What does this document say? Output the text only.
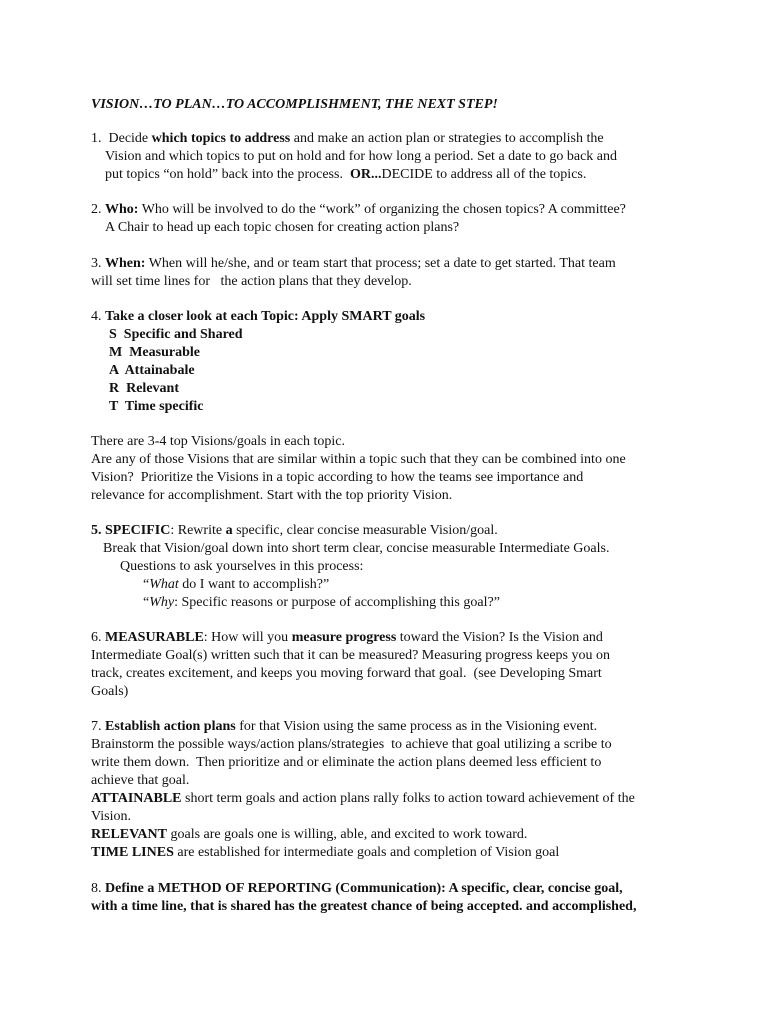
VISION…TO PLAN…TO ACCOMPLISHMENT, THE NEXT STEP!
1.  Decide which topics to address and make an action plan or strategies to accomplish the
Vision and which topics to put on hold and for how long a period. Set a date to go back and
put topics “on hold” back into the process.  OR...DECIDE to address all of the topics.
2. Who: Who will be involved to do the “work” of organizing the chosen topics? A committee?
A Chair to head up each topic chosen for creating action plans?
3. When: When will he/she, and or team start that process; set a date to get started. That team
will set time lines for   the action plans that they develop.
4. Take a closer look at each Topic: Apply SMART goals
S  Specific and Shared
M  Measurable
A  Attainabale
R  Relevant
T  Time specific
There are 3-4 top Visions/goals in each topic.
Are any of those Visions that are similar within a topic such that they can be combined into one
Vision?  Prioritize the Visions in a topic according to how the teams see importance and
relevance for accomplishment. Start with the top priority Vision.
5. SPECIFIC: Rewrite a specific, clear concise measurable Vision/goal.
Break that Vision/goal down into short term clear, concise measurable Intermediate Goals.
Questions to ask yourselves in this process:
“What do I want to accomplish?”
“Why: Specific reasons or purpose of accomplishing this goal?”
6. MEASURABLE: How will you measure progress toward the Vision? Is the Vision and
Intermediate Goal(s) written such that it can be measured? Measuring progress keeps you on
track, creates excitement, and keeps you moving forward that goal.  (see Developing Smart
Goals)
7. Establish action plans for that Vision using the same process as in the Visioning event.
Brainstorm the possible ways/action plans/strategies  to achieve that goal utilizing a scribe to
write them down.  Then prioritize and or eliminate the action plans deemed less efficient to
achieve that goal.
ATTAINABLE short term goals and action plans rally folks to action toward achievement of the
Vision.
RELEVANT goals are goals one is willing, able, and excited to work toward.
TIME LINES are established for intermediate goals and completion of Vision goal
8. Define a METHOD OF REPORTING (Communication): A specific, clear, concise goal,
with a time line, that is shared has the greatest chance of being accepted. and accomplished,
